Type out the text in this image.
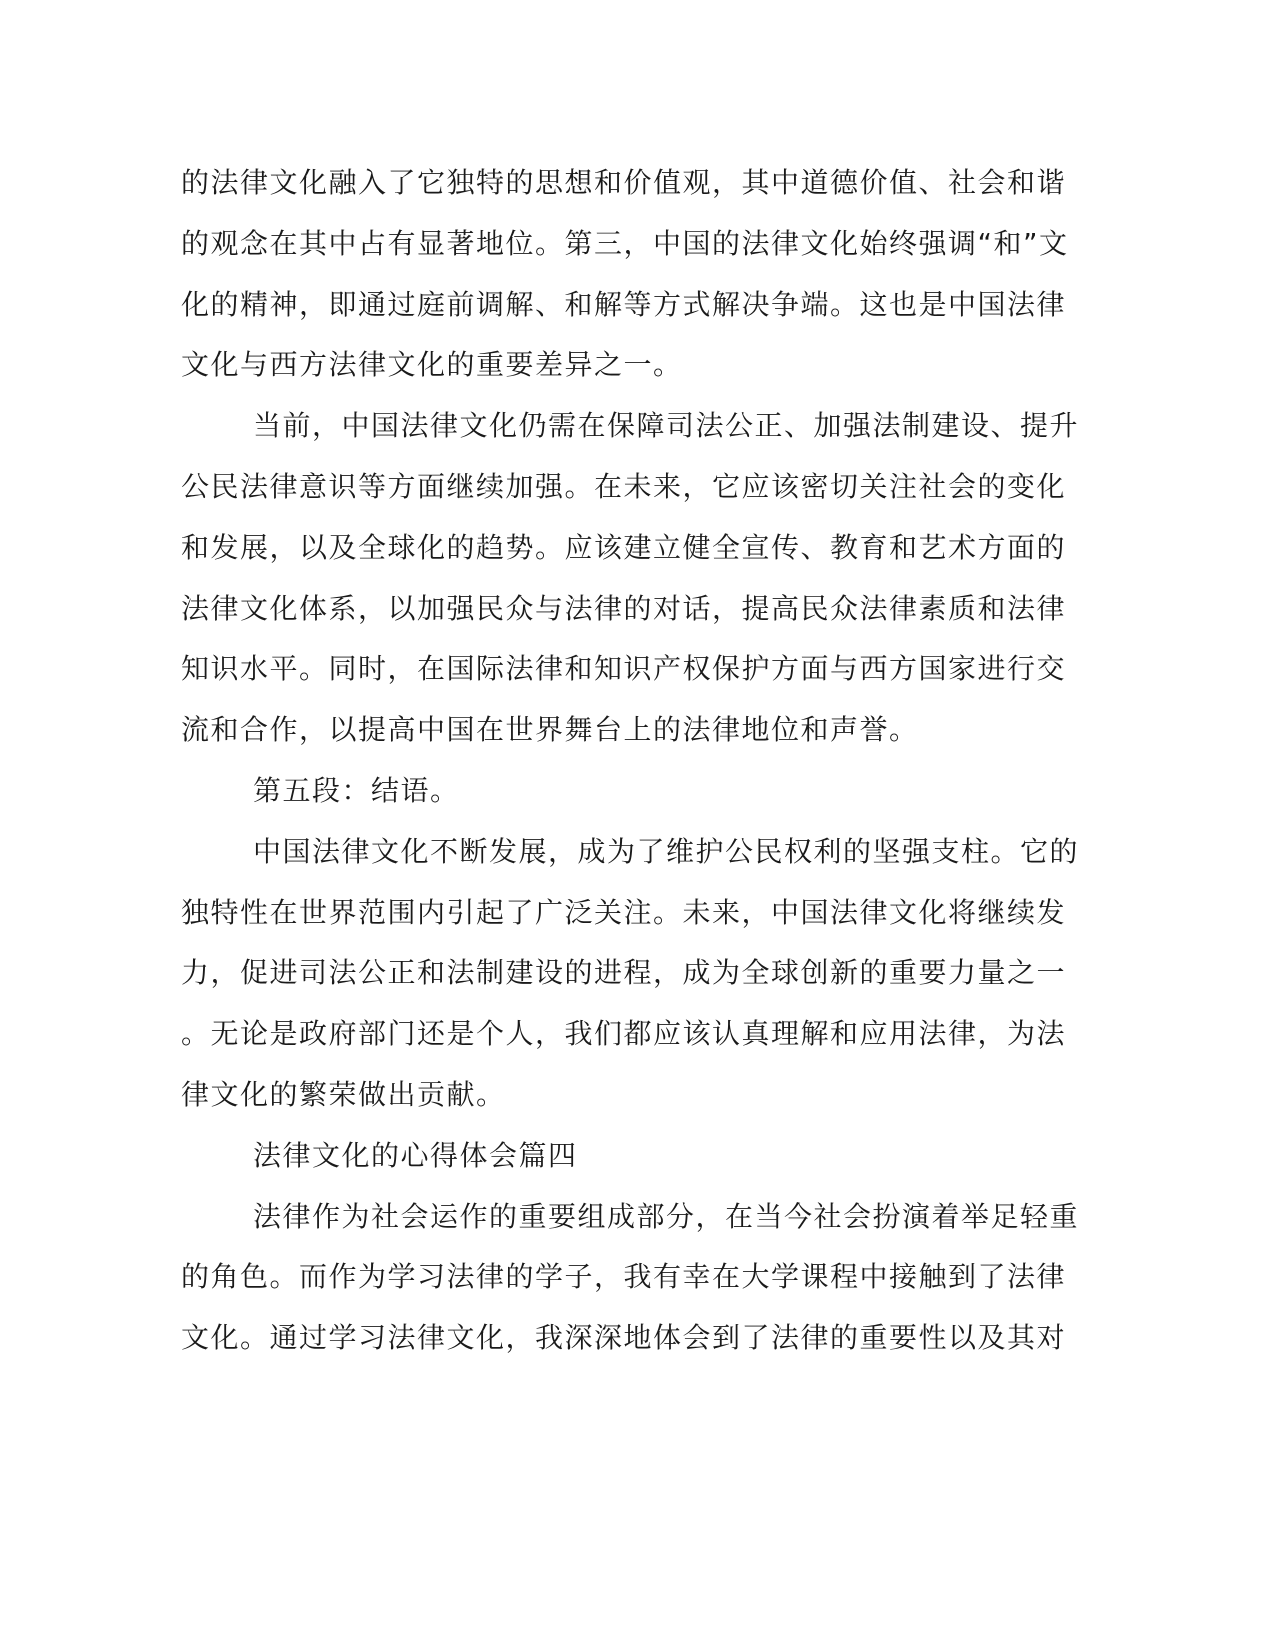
的法律文化融入了它独特的思想和价值观，其中道德价值、社会和谐
的观念在其中占有显著地位。第三，中国的法律文化始终强调“和”文
化的精神，即通过庭前调解、和解等方式解决争端。这也是中国法律
文化与西方法律文化的重要差异之一。
当前，中国法律文化仍需在保障司法公正、加强法制建设、提升
公民法律意识等方面继续加强。在未来，它应该密切关注社会的变化
和发展，以及全球化的趋势。应该建立健全宣传、教育和艺术方面的
法律文化体系，以加强民众与法律的对话，提高民众法律素质和法律
知识水平。同时，在国际法律和知识产权保护方面与西方国家进行交
流和合作，以提高中国在世界舞台上的法律地位和声誉。
第五段：结语。
中国法律文化不断发展，成为了维护公民权利的坚强支柱。它的
独特性在世界范围内引起了广泛关注。未来，中国法律文化将继续发
力，促进司法公正和法制建设的进程，成为全球创新的重要力量之一
。无论是政府部门还是个人，我们都应该认真理解和应用法律，为法
律文化的繁荣做出贡献。
法律文化的心得体会篇四
法律作为社会运作的重要组成部分，在当今社会扮演着举足轻重
的角色。而作为学习法律的学子，我有幸在大学课程中接触到了法律
文化。通过学习法律文化，我深深地体会到了法律的重要性以及其对
